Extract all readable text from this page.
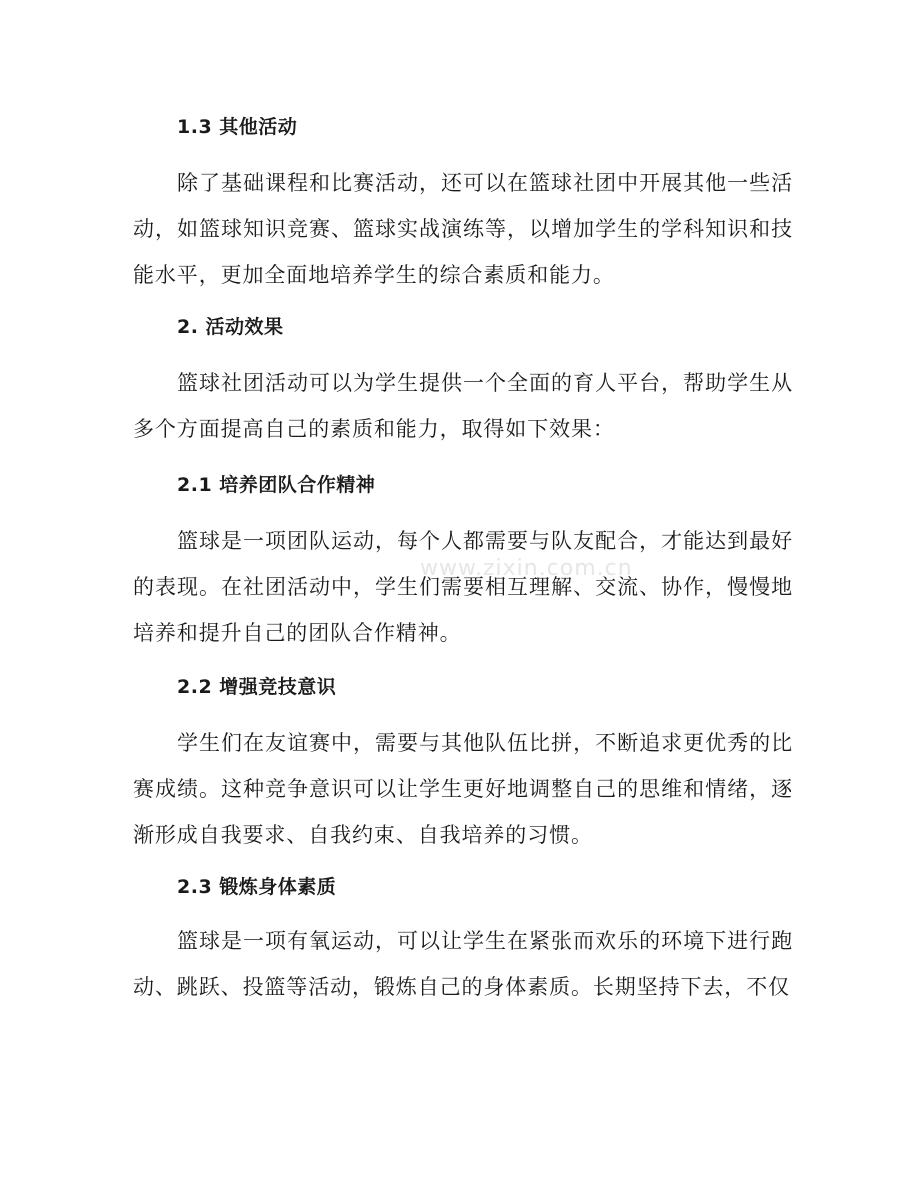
www.zixin.com.cn
1.3 其他活动

除了基础课程和比赛活动，还可以在篮球社团中开展其他一些活动，如篮球知识竞赛、篮球实战演练等，以增加学生的学科知识和技能水平，更加全面地培养学生的综合素质和能力。

2. 活动效果

篮球社团活动可以为学生提供一个全面的育人平台，帮助学生从多个方面提高自己的素质和能力，取得如下效果：

2.1 培养团队合作精神

篮球是一项团队运动，每个人都需要与队友配合，才能达到最好的表现。在社团活动中，学生们需要相互理解、交流、协作，慢慢地培养和提升自己的团队合作精神。

2.2 增强竞技意识

学生们在友谊赛中，需要与其他队伍比拼，不断追求更优秀的比赛成绩。这种竞争意识可以让学生更好地调整自己的思维和情绪，逐渐形成自我要求、自我约束、自我培养的习惯。

2.3 锻炼身体素质

篮球是一项有氧运动，可以让学生在紧张而欢乐的环境下进行跑动、跳跃、投篮等活动，锻炼自己的身体素质。长期坚持下去，不仅
